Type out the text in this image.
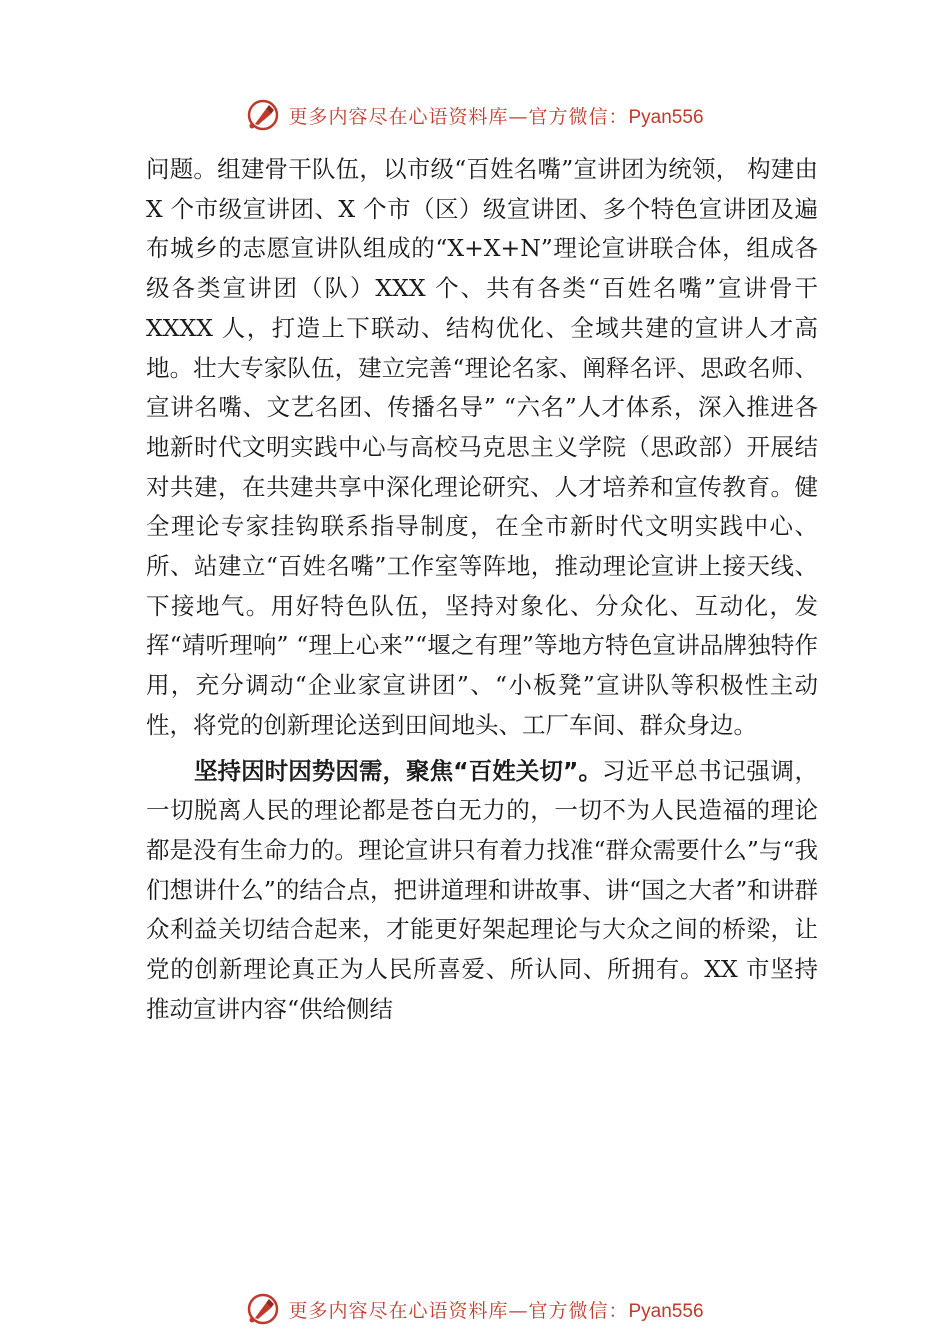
更多内容尽在心语资料库—官方微信：Pyan556

问题。组建骨干队伍，以市级“百姓名嘴”宣讲团为统领， 构建由 X 个市级宣讲团、X 个市（区）级宣讲团、多个特色宣讲团及遍布城乡的志愿宣讲队组成的“X+X+N”理论宣讲联合体，组成各级各类宣讲团（队）XXX 个、共有各类“百姓名嘴”宣讲骨干 XXXX 人，打造上下联动、结构优化、全域共建的宣讲人才高地。壮大专家队伍，建立完善“理论名家、阐释名评、思政名师、宣讲名嘴、文艺名团、传播名导” “六名”人才体系，深入推进各地新时代文明实践中心与高校马克思主义学院（思政部）开展结对共建，在共建共享中深化理论研究、人才培养和宣传教育。健全理论专家挂钩联系指导制度，在全市新时代文明实践中心、所、站建立“百姓名嘴”工作室等阵地，推动理论宣讲上接天线、下接地气。用好特色队伍，坚持对象化、分众化、互动化，发挥“靖听理响” “理上心来”“堰之有理”等地方特色宣讲品牌独特作用，充分调动“企业家宣讲团”、“小板凳”宣讲队等积极性主动性，将党的创新理论送到田间地头、工厂车间、群众身边。

坚持因时因势因需，聚焦“百姓关切”。习近平总书记强调，一切脱离人民的理论都是苍白无力的，一切不为人民造福的理论都是没有生命力的。理论宣讲只有着力找准“群众需要什么”与“我们想讲什么”的结合点，把讲道理和讲故事、讲“国之大者”和讲群众利益关切结合起来，才能更好架起理论与大众之间的桥梁，让党的创新理论真正为人民所喜爱、所认同、所拥有。XX 市坚持推动宣讲内容“供给侧结

更多内容尽在心语资料库—官方微信：Pyan556
